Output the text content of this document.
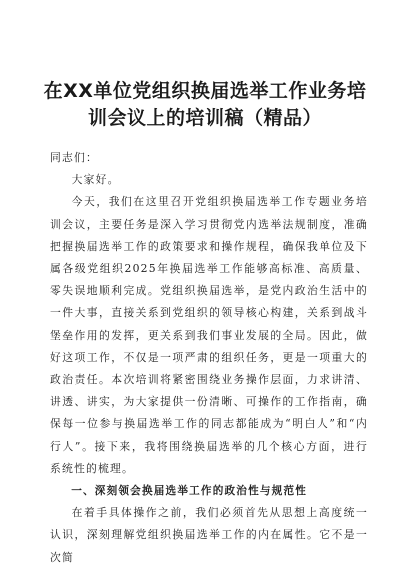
在XX单位党组织换届选举工作业务培训会议上的培训稿（精品）

同志们：

大家好。

今天，我们在这里召开党组织换届选举工作专题业务培训会议，主要任务是深入学习贯彻党内选举法规制度，准确把握换届选举工作的政策要求和操作规程，确保我单位及下属各级党组织2025年换届选举工作能够高标准、高质量、零失误地顺利完成。党组织换届选举，是党内政治生活中的一件大事，直接关系到党组织的领导核心构建，关系到战斗堡垒作用的发挥，更关系到我们事业发展的全局。因此，做好这项工作，不仅是一项严肃的组织任务，更是一项重大的政治责任。本次培训将紧密围绕业务操作层面，力求讲清、讲透、讲实，为大家提供一份清晰、可操作的工作指南，确保每一位参与换届选举工作的同志都能成为“明白人”和“内行人”。接下来，我将围绕换届选举的几个核心方面，进行系统性的梳理。

一、深刻领会换届选举工作的政治性与规范性

在着手具体操作之前，我们必须首先从思想上高度统一认识，深刻理解党组织换届选举工作的内在属性。它不是一次简
